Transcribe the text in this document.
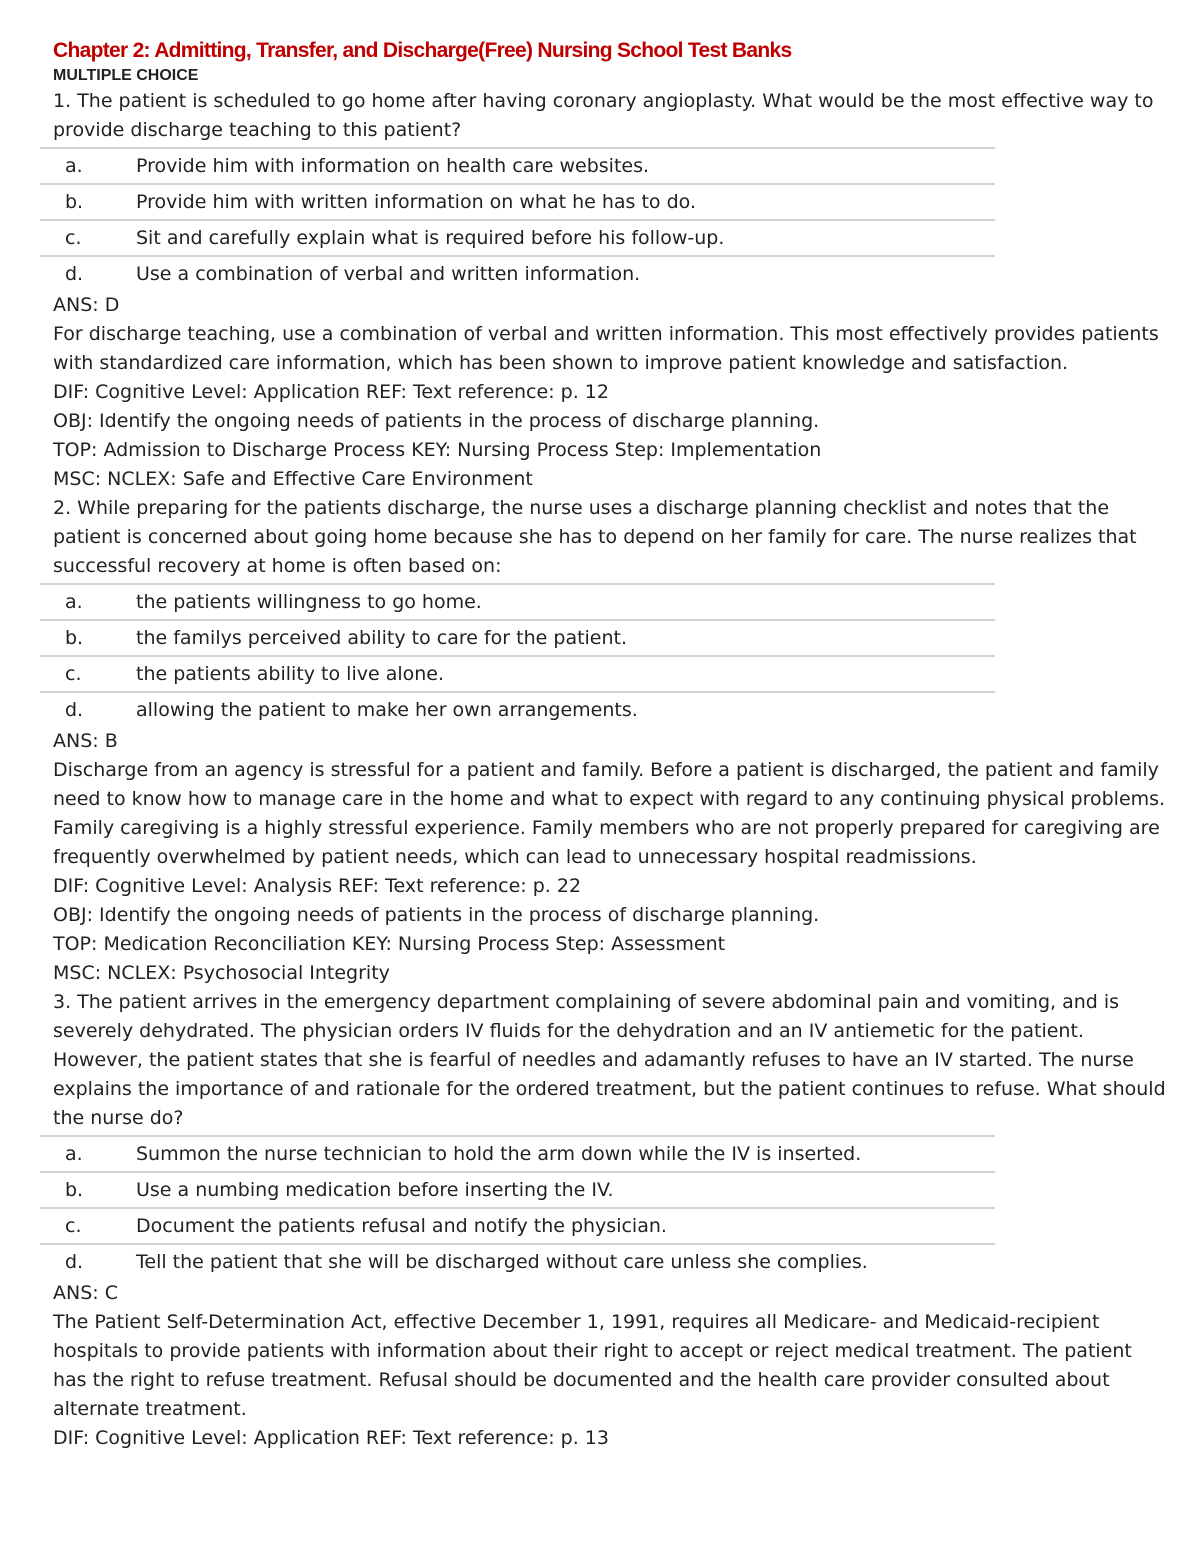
Chapter 2: Admitting, Transfer, and Discharge(Free) Nursing School Test Banks
MULTIPLE CHOICE

1. The patient is scheduled to go home after having coronary angioplasty. What would be the most effective way to provide discharge teaching to this patient?

a.	Provide him with information on health care websites.
b.	Provide him with written information on what he has to do.
c.	Sit and carefully explain what is required before his follow-up.
d.	Use a combination of verbal and written information.

ANS: D

For discharge teaching, use a combination of verbal and written information. This most effectively provides patients with standardized care information, which has been shown to improve patient knowledge and satisfaction.

DIF: Cognitive Level: Application REF: Text reference: p. 12

OBJ: Identify the ongoing needs of patients in the process of discharge planning.

TOP: Admission to Discharge Process KEY: Nursing Process Step: Implementation

MSC: NCLEX: Safe and Effective Care Environment

2. While preparing for the patients discharge, the nurse uses a discharge planning checklist and notes that the patient is concerned about going home because she has to depend on her family for care. The nurse realizes that successful recovery at home is often based on:

a.	the patients willingness to go home.
b.	the familys perceived ability to care for the patient.
c.	the patients ability to live alone.
d.	allowing the patient to make her own arrangements.

ANS: B

Discharge from an agency is stressful for a patient and family. Before a patient is discharged, the patient and family need to know how to manage care in the home and what to expect with regard to any continuing physical problems. Family caregiving is a highly stressful experience. Family members who are not properly prepared for caregiving are frequently overwhelmed by patient needs, which can lead to unnecessary hospital readmissions.

DIF: Cognitive Level: Analysis REF: Text reference: p. 22

OBJ: Identify the ongoing needs of patients in the process of discharge planning.

TOP: Medication Reconciliation KEY: Nursing Process Step: Assessment

MSC: NCLEX: Psychosocial Integrity

3. The patient arrives in the emergency department complaining of severe abdominal pain and vomiting, and is severely dehydrated. The physician orders IV fluids for the dehydration and an IV antiemetic for the patient. However, the patient states that she is fearful of needles and adamantly refuses to have an IV started. The nurse explains the importance of and rationale for the ordered treatment, but the patient continues to refuse. What should the nurse do?

a.	Summon the nurse technician to hold the arm down while the IV is inserted.
b.	Use a numbing medication before inserting the IV.
c.	Document the patients refusal and notify the physician.
d.	Tell the patient that she will be discharged without care unless she complies.

ANS: C

The Patient Self-Determination Act, effective December 1, 1991, requires all Medicare- and Medicaid-recipient hospitals to provide patients with information about their right to accept or reject medical treatment. The patient has the right to refuse treatment. Refusal should be documented and the health care provider consulted about alternate treatment.

DIF: Cognitive Level: Application REF: Text reference: p. 13
